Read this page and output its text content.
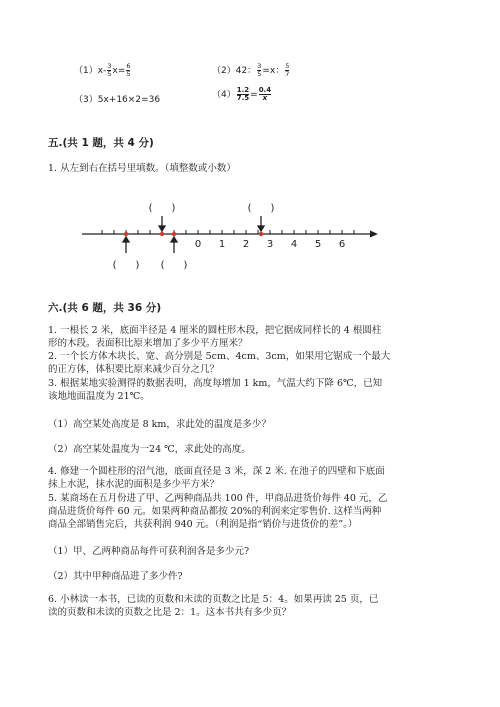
$(1)x- \frac{3}{5} x= \frac{6}{5}$	（2）42： $\frac{3}{5} =x$： $\frac{5}{7}$
（3）5x+16×2=36	$(4) \frac{1.2}{7.5} = \frac{0.4}{x}$
五.(共 1 题，共 4 分)
1. 从左到右在括号里填数。（填整数或小数）
0 1 2 3 4 5 6
(      )	(      )
(      ) (      )
六.(共 6 题，共 36 分)
1. 一根长 2 米，底面半径是 4 厘米的圆柱形木段，把它据成同样长的 4 根圆柱
形的木段。表面积比原来增加了多少平方厘米？
2. 一个长方体木块长、宽、高分别是 5cm、4cm、3cm，如果用它锯成一个最大
的正方体，体积要比原来减少百分之几？
3. 根据某地实验测得的数据表明，高度每增加 1 km，气温大约下降 6℃，已知
该地地面温度为 21℃。
（1）高空某处高度是 8 km，求此处的温度是多少？
（2）高空某处温度为一24 ℃，求此处的高度。
4. 修建一个圆柱形的沼气池，底面直径是 3 米，深 2 米. 在池子的四壁和下底面
抹上水泥，抹水泥的面积是多少平方米？
5. 某商场在五月份进了甲、乙两种商品共 100 件，甲商品进货价每件 40 元，乙
商品进货价每件 60 元。如果两种商品都按 20%的利润来定零售价. 这样当两种
商品全部销售完后，共获利润 940 元。（利润是指“销价与进货价的差”。）
（1）甲、乙两种商品每件可获利润各是多少元?
（2）其中甲种商品进了多少件?
6. 小林读一本书，已读的页数和未读的页数之比是 5：4。如果再读 25 页，已
读的页数和未读的页数之比是 2：1。这本书共有多少页？
